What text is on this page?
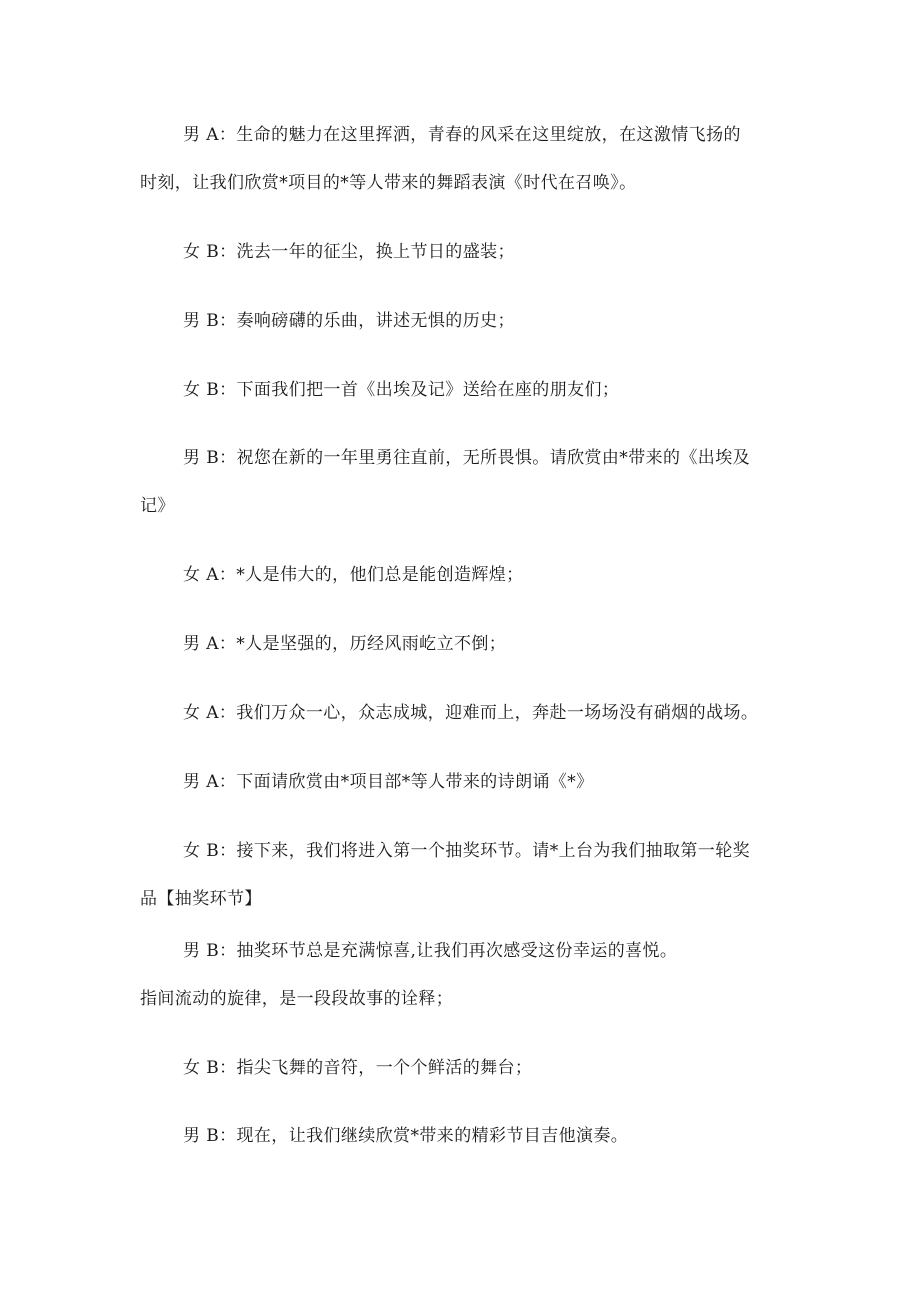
男 A：生命的魅力在这里挥洒，青春的风采在这里绽放，在这激情飞扬的
时刻，让我们欣赏*项目的*等人带来的舞蹈表演《时代在召唤》。
女 B：洗去一年的征尘，换上节日的盛装；
男 B：奏响磅礴的乐曲，讲述无惧的历史；
女 B：下面我们把一首《出埃及记》送给在座的朋友们；
男 B：祝您在新的一年里勇往直前，无所畏惧。请欣赏由*带来的《出埃及
记》
女 A：*人是伟大的，他们总是能创造辉煌；
男 A：*人是坚强的，历经风雨屹立不倒；
女 A：我们万众一心，众志成城，迎难而上，奔赴一场场没有硝烟的战场。
男 A：下面请欣赏由*项目部*等人带来的诗朗诵《*》
女 B：接下来，我们将进入第一个抽奖环节。请*上台为我们抽取第一轮奖
品【抽奖环节】
男 B：抽奖环节总是充满惊喜,让我们再次感受这份幸运的喜悦。
指间流动的旋律，是一段段故事的诠释；
女 B：指尖飞舞的音符，一个个鲜活的舞台；
男 B：现在，让我们继续欣赏*带来的精彩节目吉他演奏。
